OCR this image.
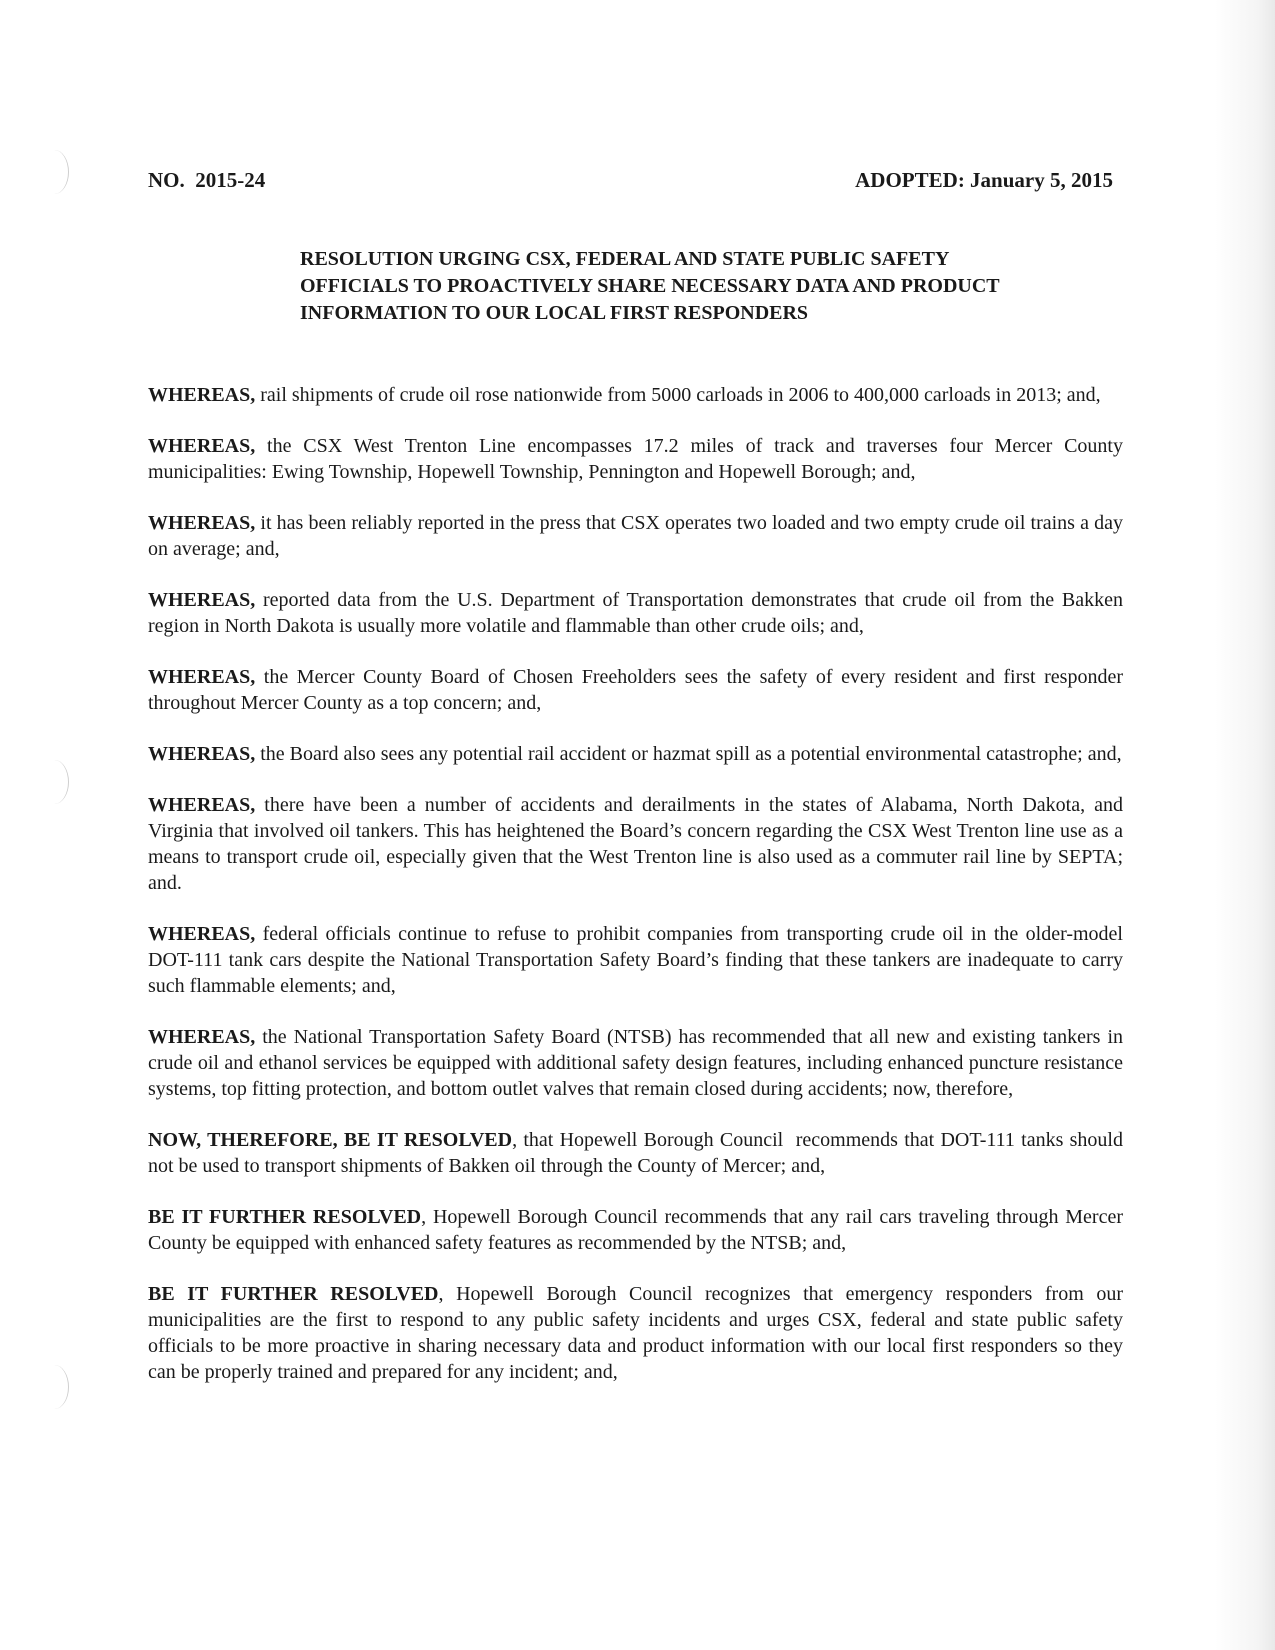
NO.  2015-24	ADOPTED: January 5, 2015
RESOLUTION URGING CSX, FEDERAL AND STATE PUBLIC SAFETY OFFICIALS TO PROACTIVELY SHARE NECESSARY DATA AND PRODUCT INFORMATION TO OUR LOCAL FIRST RESPONDERS

WHEREAS, rail shipments of crude oil rose nationwide from 5000 carloads in 2006 to 400,000 carloads in 2013; and,

WHEREAS, the CSX West Trenton Line encompasses 17.2 miles of track and traverses four Mercer County municipalities: Ewing Township, Hopewell Township, Pennington and Hopewell Borough; and,

WHEREAS, it has been reliably reported in the press that CSX operates two loaded and two empty crude oil trains a day on average; and,

WHEREAS, reported data from the U.S. Department of Transportation demonstrates that crude oil from the Bakken region in North Dakota is usually more volatile and flammable than other crude oils; and,

WHEREAS, the Mercer County Board of Chosen Freeholders sees the safety of every resident and first responder throughout Mercer County as a top concern; and,

WHEREAS, the Board also sees any potential rail accident or hazmat spill as a potential environmental catastrophe; and,

WHEREAS, there have been a number of accidents and derailments in the states of Alabama, North Dakota, and Virginia that involved oil tankers. This has heightened the Board’s concern regarding the CSX West Trenton line use as a means to transport crude oil, especially given that the West Trenton line is also used as a commuter rail line by SEPTA; and.

WHEREAS, federal officials continue to refuse to prohibit companies from transporting crude oil in the older-model DOT-111 tank cars despite the National Transportation Safety Board’s finding that these tankers are inadequate to carry such flammable elements; and,

WHEREAS, the National Transportation Safety Board (NTSB) has recommended that all new and existing tankers in crude oil and ethanol services be equipped with additional safety design features, including enhanced puncture resistance systems, top fitting protection, and bottom outlet valves that remain closed during accidents; now, therefore,

NOW, THEREFORE, BE IT RESOLVED, that Hopewell Borough Council  recommends that DOT-111 tanks should not be used to transport shipments of Bakken oil through the County of Mercer; and,

BE IT FURTHER RESOLVED, Hopewell Borough Council recommends that any rail cars traveling through Mercer County be equipped with enhanced safety features as recommended by the NTSB; and,

BE IT FURTHER RESOLVED, Hopewell Borough Council recognizes that emergency responders from our municipalities are the first to respond to any public safety incidents and urges CSX, federal and state public safety officials to be more proactive in sharing necessary data and product information with our local first responders so they can be properly trained and prepared for any incident; and,
